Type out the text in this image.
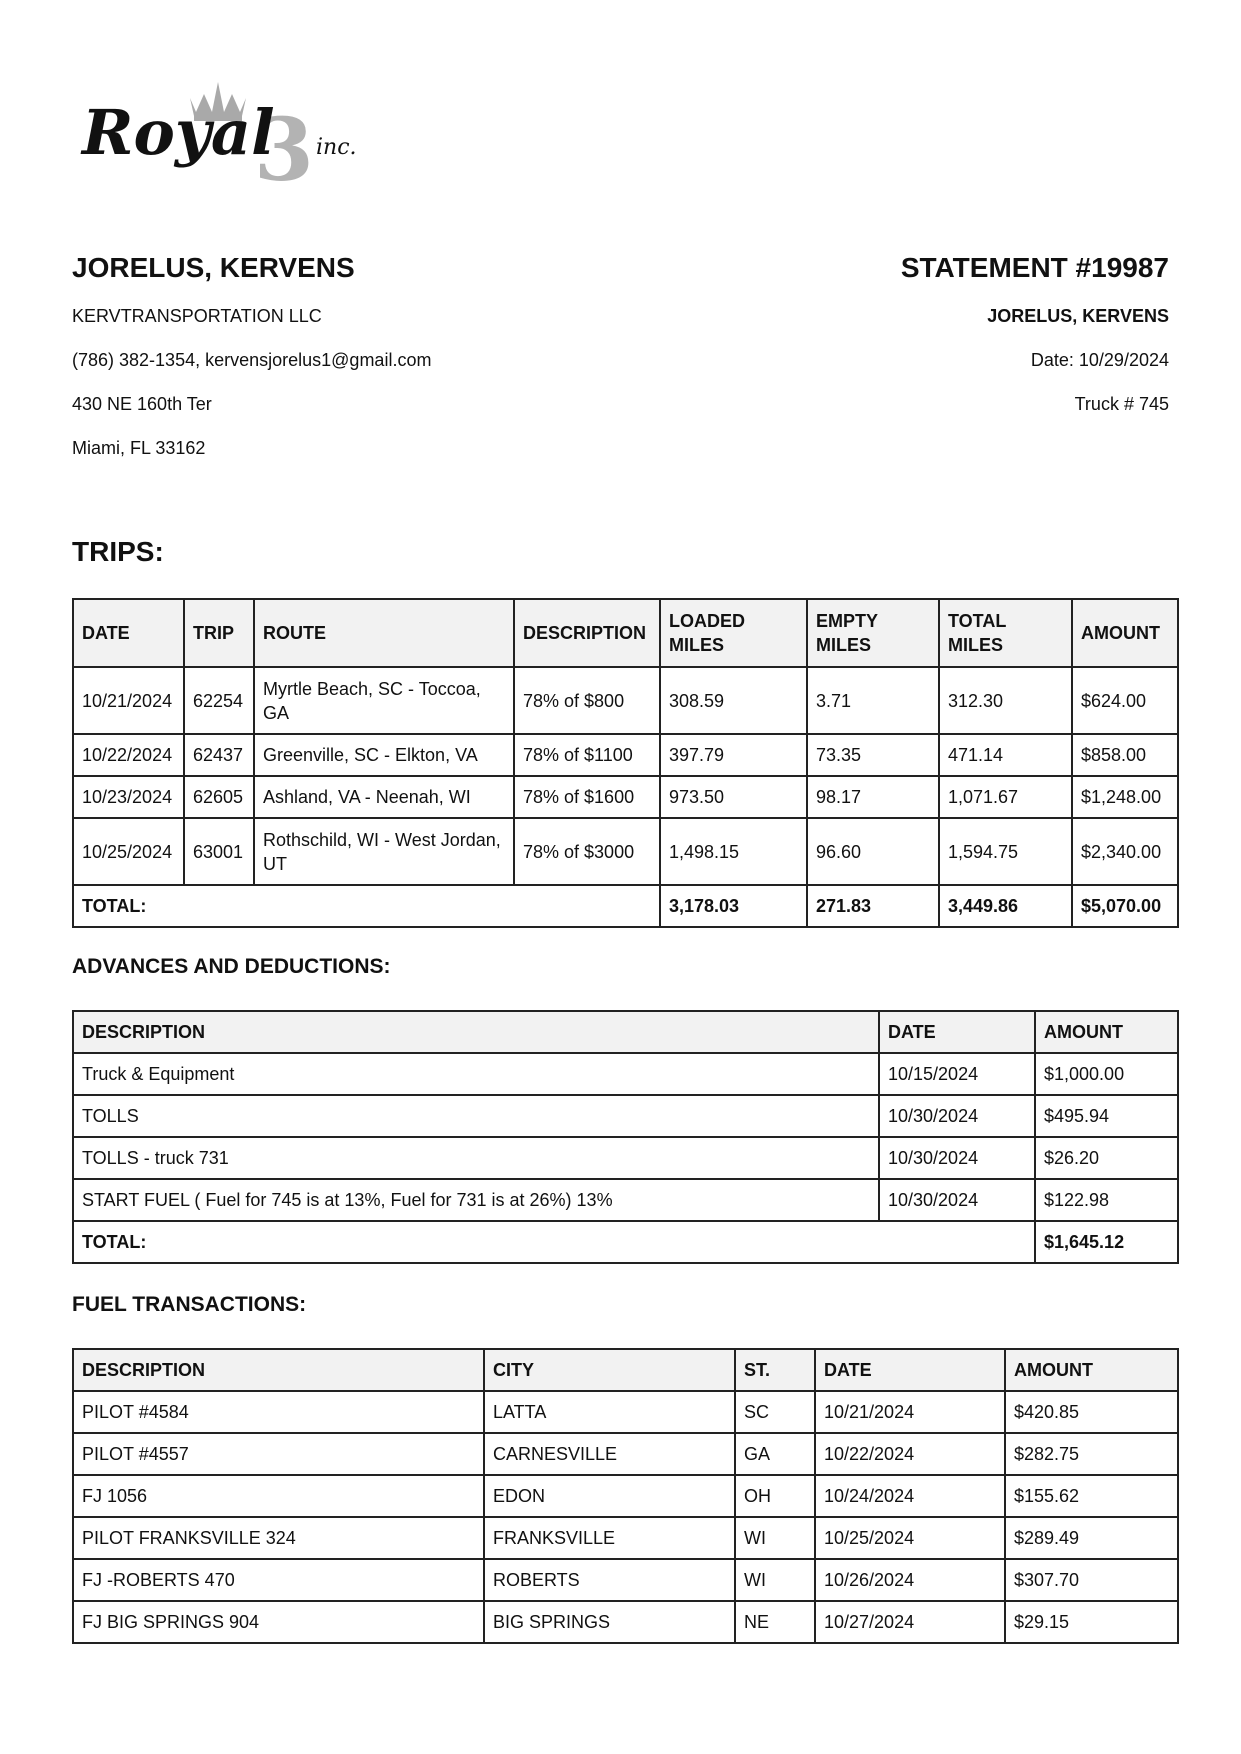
3
Royal inc.
JORELUS, KERVENS
KERVTRANSPORTATION LLC
(786) 382-1354, kervensjorelus1@gmail.com
430 NE 160th Ter
Miami, FL 33162
STATEMENT #19987
JORELUS, KERVENS
Date: 10/29/2024
Truck # 745
TRIPS:
DATE	TRIP	ROUTE	DESCRIPTION	LOADED MILES	EMPTY MILES	TOTAL MILES	AMOUNT
10/21/2024	62254	Myrtle Beach, SC - Toccoa, GA	78% of $800	308.59	3.71	312.30	$624.00
10/22/2024	62437	Greenville, SC - Elkton, VA	78% of $1100	397.79	73.35	471.14	$858.00
10/23/2024	62605	Ashland, VA - Neenah, WI	78% of $1600	973.50	98.17	1,071.67	$1,248.00
10/25/2024	63001	Rothschild, WI - West Jordan, UT	78% of $3000	1,498.15	96.60	1,594.75	$2,340.00
TOTAL:				3,178.03	271.83	3,449.86	$5,070.00
ADVANCES AND DEDUCTIONS:
DESCRIPTION	DATE	AMOUNT
Truck & Equipment	10/15/2024	$1,000.00
TOLLS	10/30/2024	$495.94
TOLLS - truck 731	10/30/2024	$26.20
START FUEL ( Fuel for 745 is at 13%, Fuel for 731 is at 26%) 13%	10/30/2024	$122.98
TOTAL:		$1,645.12
FUEL TRANSACTIONS:
DESCRIPTION	CITY	ST.	DATE	AMOUNT
PILOT #4584	LATTA	SC	10/21/2024	$420.85
PILOT #4557	CARNESVILLE	GA	10/22/2024	$282.75
FJ 1056	EDON	OH	10/24/2024	$155.62
PILOT FRANKSVILLE 324	FRANKSVILLE	WI	10/25/2024	$289.49
FJ -ROBERTS 470	ROBERTS	WI	10/26/2024	$307.70
FJ BIG SPRINGS 904	BIG SPRINGS	NE	10/27/2024	$29.15
